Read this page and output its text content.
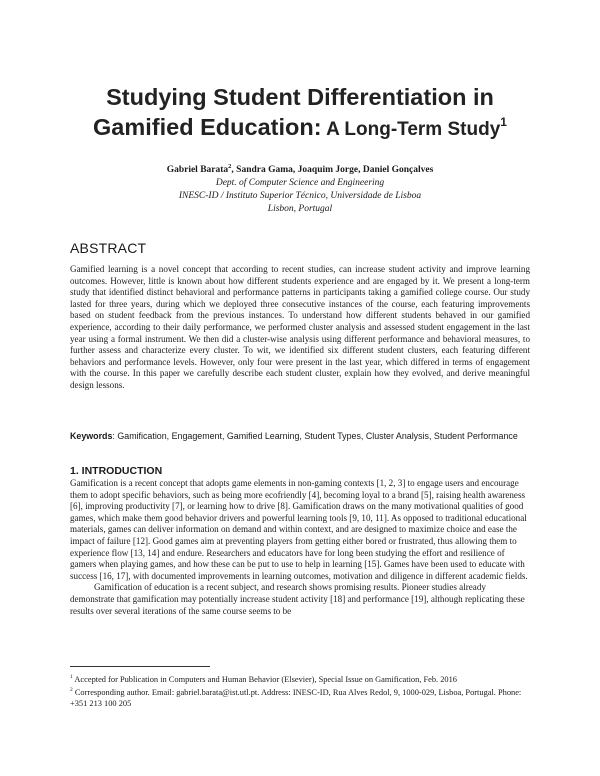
Studying Student Differentiation in
Gamified Education: A Long-Term Study$^1$
Gabriel Barata$^2$, Sandra Gama, Joaquim Jorge, Daniel Gonçalves
Dept. of Computer Science and Engineering
INESC-ID / Instituto Superior Técnico, Universidade de Lisboa
Lisbon, Portugal
ABSTRACT
Gamified learning is a novel concept that according to recent studies, can increase student activity and improve learning outcomes. However, little is known about how different students experience and are engaged by it. We present a long-term study that identified distinct behavioral and performance patterns in participants taking a gamified college course. Our study lasted for three years, during which we deployed three consecutive instances of the course, each featuring improvements based on student feedback from the previous instances. To understand how different students behaved in our gamified experience, according to their daily performance, we performed cluster analysis and assessed student engagement in the last year using a formal instrument. We then did a cluster-wise analysis using different performance and behavioral measures, to further assess and characterize every cluster. To wit, we identified six different student clusters, each featuring different behaviors and performance levels. However, only four were present in the last year, which differed in terms of engagement with the course. In this paper we carefully describe each student cluster, explain how they evolved, and derive meaningful design lessons.
Keywords: Gamification, Engagement, Gamified Learning, Student Types, Cluster Analysis, Student Performance
1. INTRODUCTION

Gamification is a recent concept that adopts game elements in non-gaming contexts [1, 2, 3] to engage users and encourage them to adopt specific behaviors, such as being more ecofriendly [4], becoming loyal to a brand [5], raising health awareness [6], improving productivity [7], or learning how to drive [8]. Gamification draws on the many motivational qualities of good games, which make them good behavior drivers and powerful learning tools [9, 10, 11]. As opposed to traditional educational materials, games can deliver information on demand and within context, and are designed to maximize choice and ease the impact of failure [12]. Good games aim at preventing players from getting either bored or frustrated, thus allowing them to experience flow [13, 14] and endure. Researchers and educators have for long been studying the effort and resilience of gamers when playing games, and how these can be put to use to help in learning [15]. Games have been used to educate with success [16, 17], with documented improvements in learning outcomes, motivation and diligence in different academic fields.

Gamification of education is a recent subject, and research shows promising results. Pioneer studies already demonstrate that gamification may potentially increase student activity [18] and performance [19], although replicating these results over several iterations of the same course seems to be

$^1$ Accepted for Publication in Computers and Human Behavior (Elsevier), Special Issue on Gamification, Feb. 2016
$^2$ Corresponding author. Email: gabriel.barata@ist.utl.pt. Address: INESC-ID, Rua Alves Redol, 9, 1000-029, Lisboa, Portugal. Phone: +351 213 100 205
